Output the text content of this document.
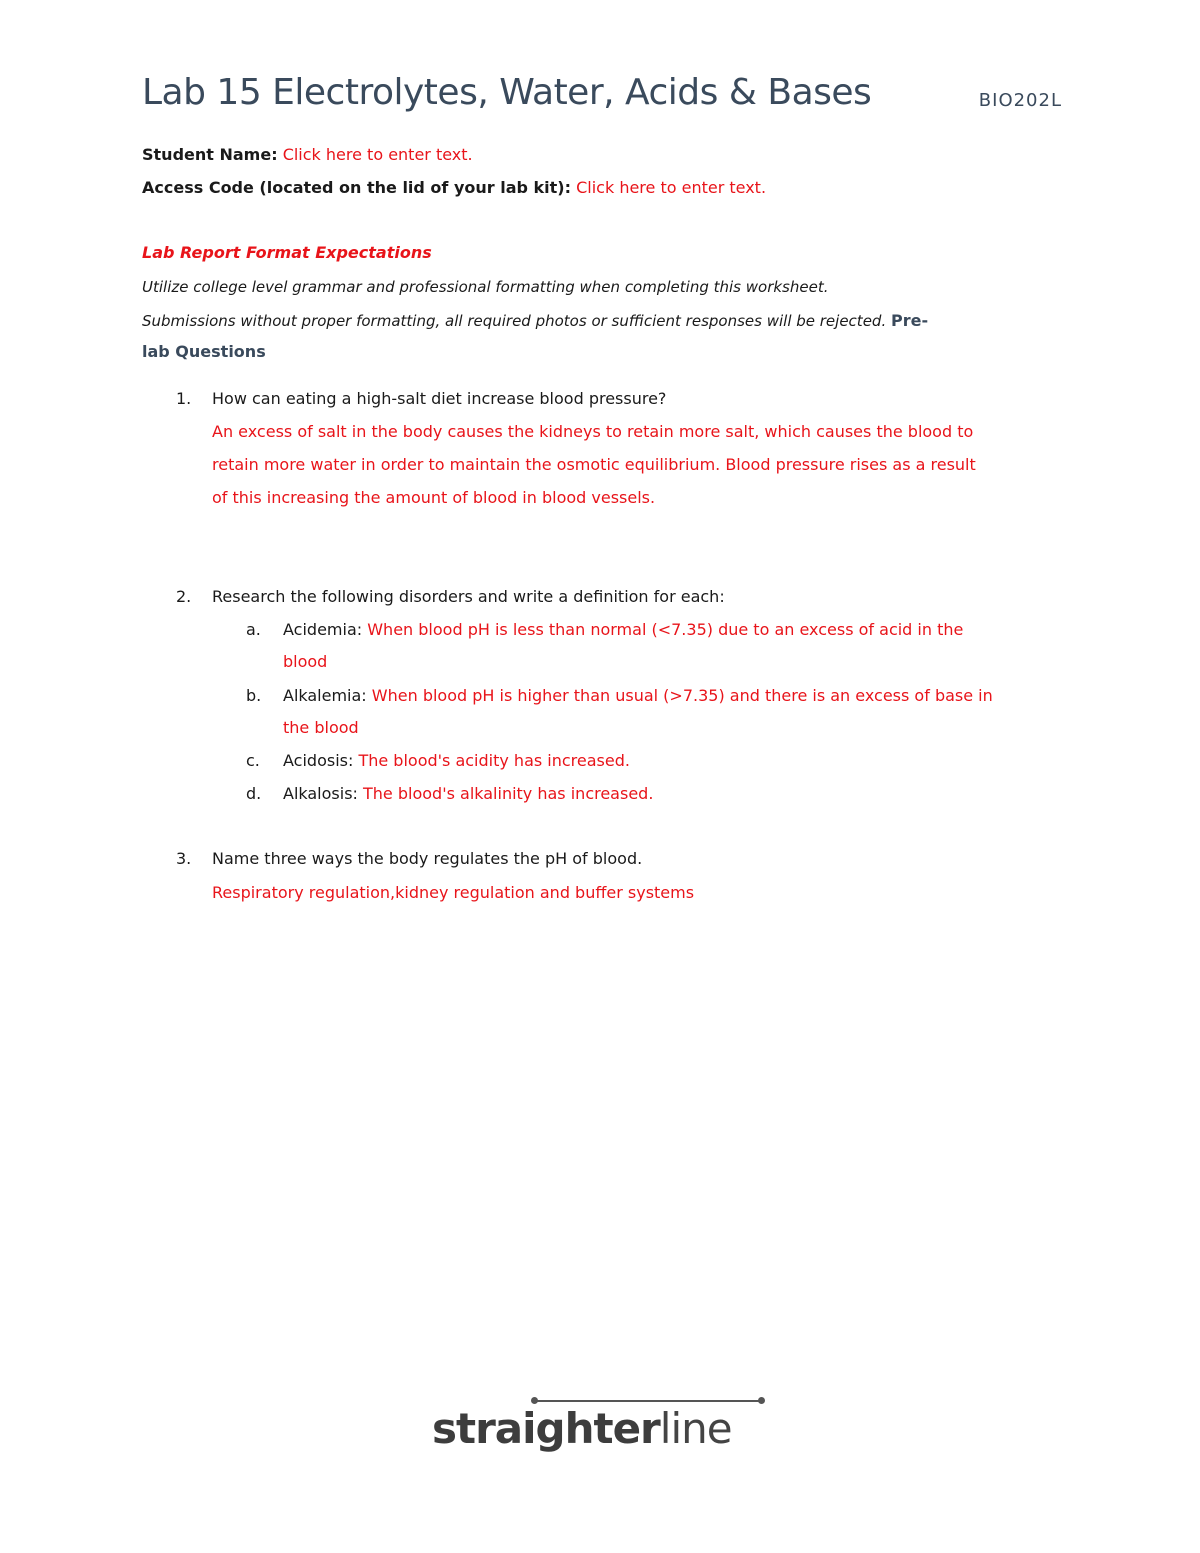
Lab 15 Electrolytes, Water, Acids & Bases	BIO202L
Student Name: Click here to enter text.
Access Code (located on the lid of your lab kit): Click here to enter text.
Lab Report Format Expectations
Utilize college level grammar and professional formatting when completing this worksheet.
Submissions without proper formatting, all required photos or sufficient responses will be rejected. Pre-
lab Questions
1. How can eating a high-salt diet increase blood pressure?
An excess of salt in the body causes the kidneys to retain more salt, which causes the blood to
retain more water in order to maintain the osmotic equilibrium. Blood pressure rises as a result
of this increasing the amount of blood in blood vessels.
2. Research the following disorders and write a definition for each:
a. Acidemia: When blood pH is less than normal (<7.35) due to an excess of acid in the
blood
b. Alkalemia: When blood pH is higher than usual (>7.35) and there is an excess of base in
the blood
c. Acidosis: The blood's acidity has increased.
d. Alkalosis: The blood's alkalinity has increased.
3. Name three ways the body regulates the pH of blood.
Respiratory regulation,kidney regulation and buffer systems
straighterline
